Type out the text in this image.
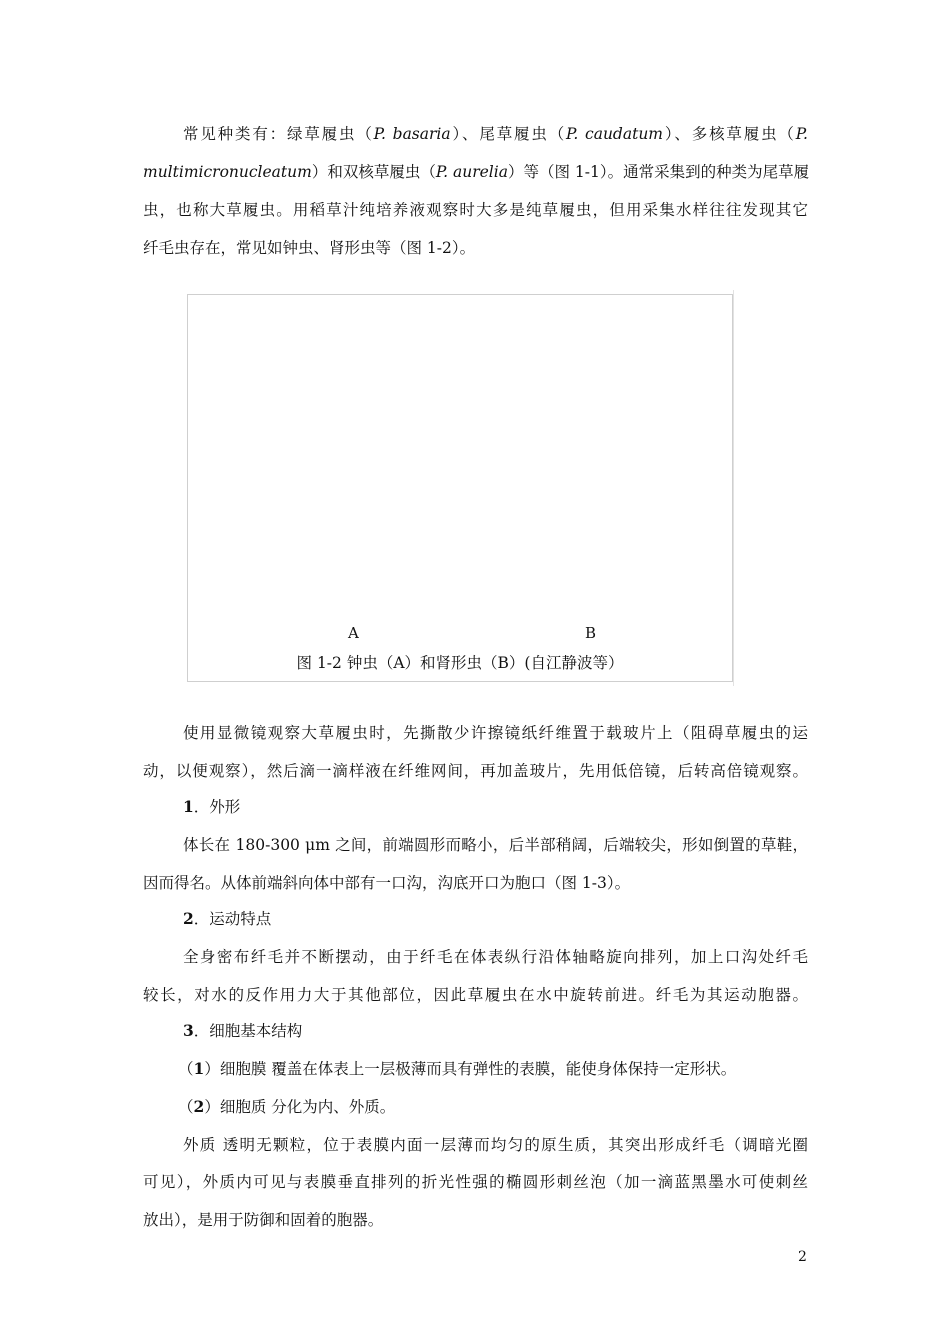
常见种类有：绿草履虫（P. basaria）、尾草履虫（P. caudatum）、多核草履虫（P.
multimicronucleatum）和双核草履虫（P. aurelia）等（图 1-1）。通常采集到的种类为尾草履
虫，也称大草履虫。用稻草汁纯培养液观察时大多是纯草履虫，但用采集水样往往发现其它
纤毛虫存在，常见如钟虫、肾形虫等（图 1-2）。
A	B
图 1-2 钟虫（A）和肾形虫（B）(自江静波等）
使用显微镜观察大草履虫时，先撕散少许擦镜纸纤维置于载玻片上（阻碍草履虫的运
动，以便观察），然后滴一滴样液在纤维网间，再加盖玻片，先用低倍镜，后转高倍镜观察。
1．外形
体长在 180-300 μm 之间，前端圆形而略小，后半部稍阔，后端较尖，形如倒置的草鞋，
因而得名。从体前端斜向体中部有一口沟，沟底开口为胞口（图 1-3）。
2．运动特点
全身密布纤毛并不断摆动，由于纤毛在体表纵行沿体轴略旋向排列，加上口沟处纤毛
较长，对水的反作用力大于其他部位，因此草履虫在水中旋转前进。纤毛为其运动胞器。
3．细胞基本结构
（1）细胞膜 覆盖在体表上一层极薄而具有弹性的表膜，能使身体保持一定形状。
（2）细胞质 分化为内、外质。
外质 透明无颗粒，位于表膜内面一层薄而均匀的原生质，其突出形成纤毛（调暗光圈
可见），外质内可见与表膜垂直排列的折光性强的椭圆形刺丝泡（加一滴蓝黑墨水可使刺丝
放出），是用于防御和固着的胞器。
2
